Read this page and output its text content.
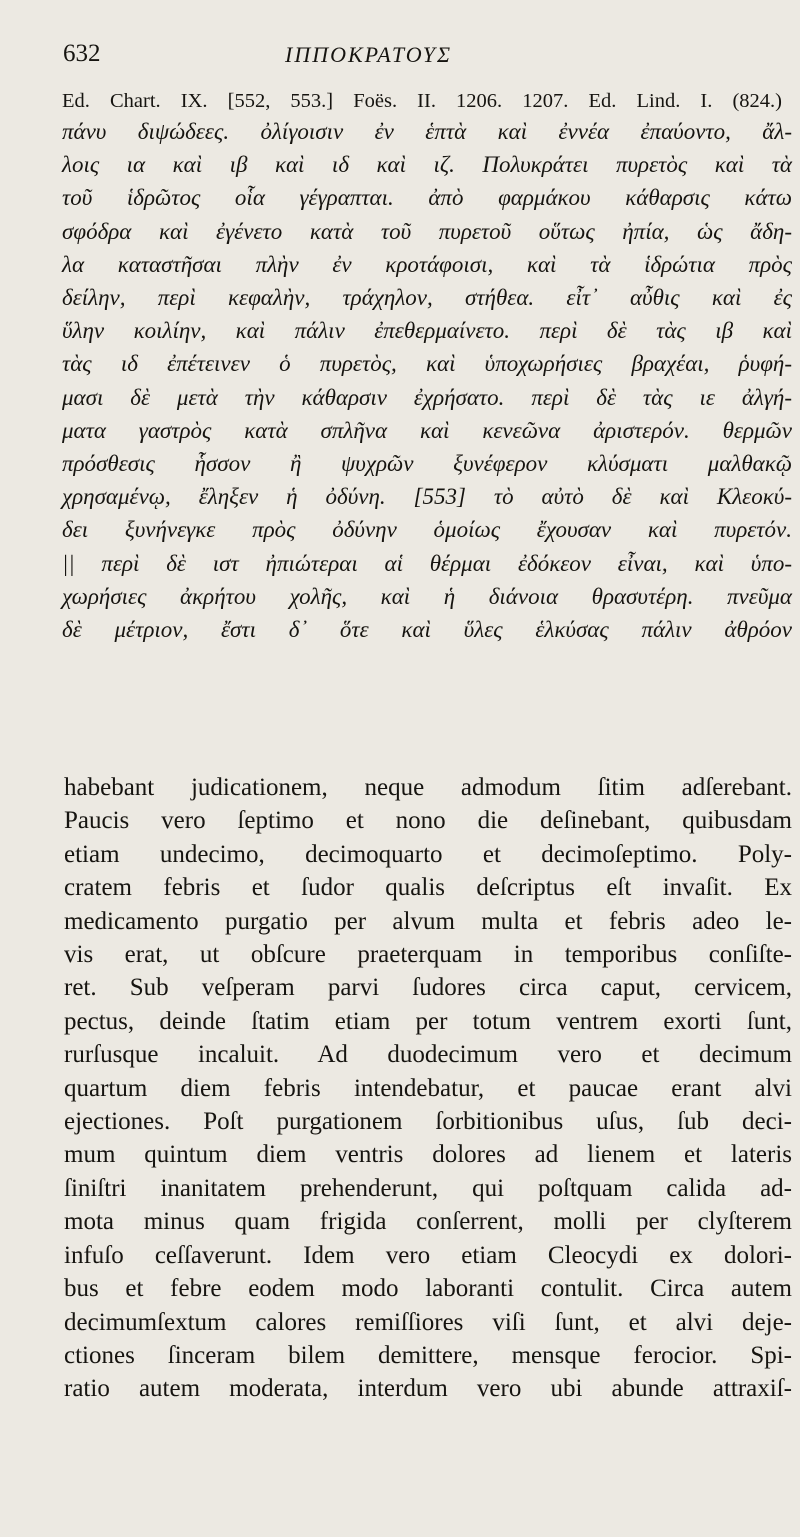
632	ΙΠΠΟΚΡΑΤΟΥΣ
Ed. Chart. IX. [552, 553.] Foës. II. 1206. 1207. Ed. Lind. I. (824.)
πάνυ διψώδεες. ὀλίγοισιν ἐν ἑπτὰ καὶ ἐννέα ἐπαύοντο, ἄλ-
λοις ια καὶ ιβ καὶ ιδ καὶ ιζ. Πολυκράτει πυρετὸς καὶ τὰ
τοῦ ἱδρῶτος οἷα γέγραπται. ἀπὸ φαρμάκου κάθαρσις κάτω
σφόδρα καὶ ἐγένετο κατὰ τοῦ πυρετοῦ οὕτως ἠπία, ὡς ἄδη-
λα καταστῆσαι πλὴν ἐν κροτάφοισι, καὶ τὰ ἱδρώτια πρὸς
δείλην, περὶ κεφαλὴν, τράχηλον, στήθεα. εἶτ᾽ αὖθις καὶ ἐς
ὕλην κοιλίην, καὶ πάλιν ἐπεθερμαίνετο. περὶ δὲ τὰς ιβ καὶ
τὰς ιδ ἐπέτεινεν ὁ πυρετὸς, καὶ ὑποχωρήσιες βραχέαι, ῥυφή-
μασι δὲ μετὰ τὴν κάθαρσιν ἐχρήσατο. περὶ δὲ τὰς ιε ἀλγή-
ματα γαστρὸς κατὰ σπλῆνα καὶ κενεῶνα ἀριστερόν. θερμῶν
πρόσθεσις ἧσσον ἢ ψυχρῶν ξυνέφερον κλύσματι μαλθακῷ
χρησαμένῳ, ἔληξεν ἡ ὀδύνη. [553] τὸ αὐτὸ δὲ καὶ Κλεοκύ-
δει ξυνήνεγκε πρὸς ὀδύνην ὁμοίως ἔχουσαν καὶ πυρετόν.
|| περὶ δὲ ιστ ἠπιώτεραι αἱ θέρμαι ἐδόκεον εἶναι, καὶ ὑπο-
χωρήσιες ἀκρήτου χολῆς, καὶ ἡ διάνοια θρασυτέρη. πνεῦμα
δὲ μέτριον, ἔστι δ᾽ ὅτε καὶ ὕλες ἑλκύσας πάλιν ἀθρόον
habebant judicationem, neque admodum ſitim adſerebant.
Paucis vero ſeptimo et nono die deſinebant, quibusdam
etiam undecimo, decimoquarto et decimoſeptimo. Poly-
cratem febris et ſudor qualis deſcriptus eſt invaſit. Ex
medicamento purgatio per alvum multa et febris adeo le-
vis erat, ut obſcure praeterquam in temporibus conſiſte-
ret. Sub veſperam parvi ſudores circa caput, cervicem,
pectus, deinde ſtatim etiam per totum ventrem exorti ſunt,
rurſusque incaluit. Ad duodecimum vero et decimum
quartum diem febris intendebatur, et paucae erant alvi
ejectiones. Poſt purgationem ſorbitionibus uſus, ſub deci-
mum quintum diem ventris dolores ad lienem et lateris
ſiniſtri inanitatem prehenderunt, qui poſtquam calida ad-
mota minus quam frigida conſerrent, molli per clyſterem
infuſo ceſſaverunt. Idem vero etiam Cleocydi ex dolori-
bus et febre eodem modo laboranti contulit. Circa autem
decimumſextum calores remiſſiores viſi ſunt, et alvi deje-
ctiones ſinceram bilem demittere, mensque ferocior. Spi-
ratio autem moderata, interdum vero ubi abunde attraxiſ-
